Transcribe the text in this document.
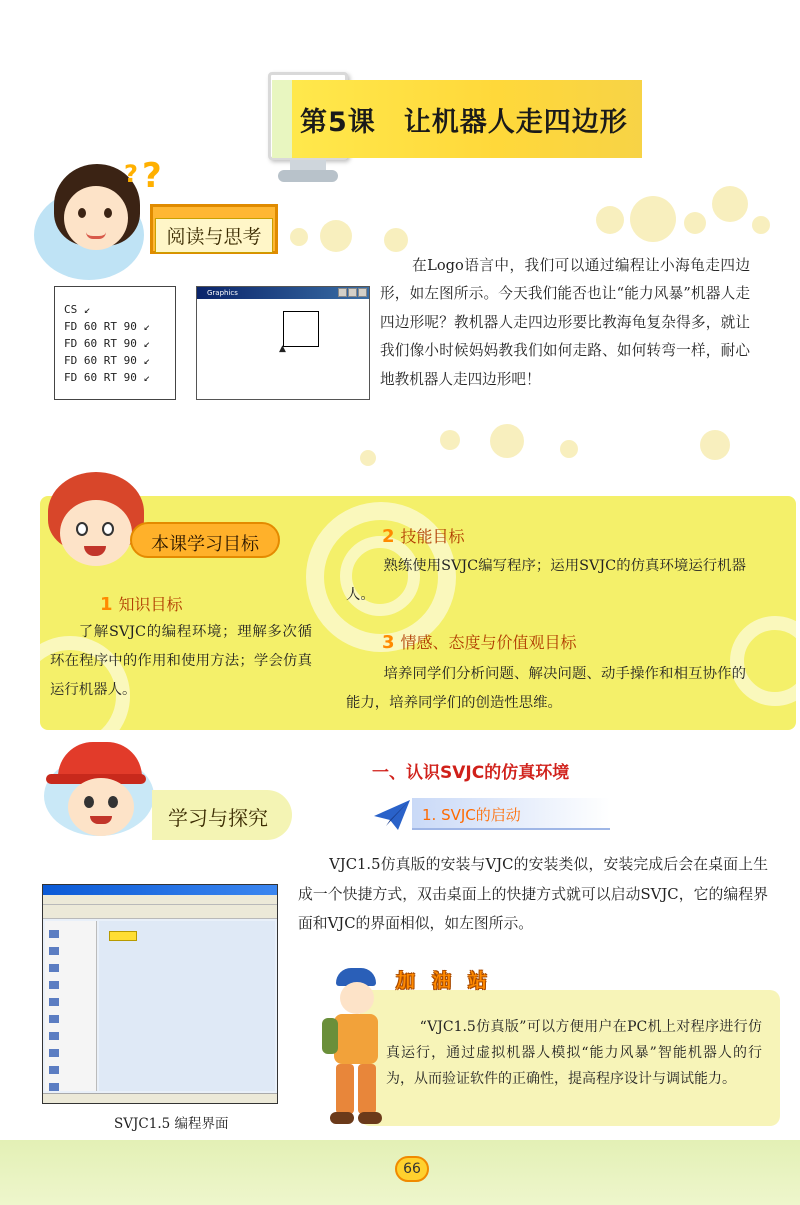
第5课　让机器人走四边形
?
?
阅读与思考
CS ↙
FD 60 RT 90 ↙
FD 60 RT 90 ↙
FD 60 RT 90 ↙
FD 60 RT 90 ↙
Graphics
▲
在Logo语言中，我们可以通过编程让小海龟走四边形，如左图所示。今天我们能否也让“能力风暴”机器人走四边形呢？教机器人走四边形要比教海龟复杂得多，就让我们像小时候妈妈教我们如何走路、如何转弯一样，耐心地教机器人走四边形吧！
本课学习目标
1 知识目标
了解SVJC的编程环境；理解多次循环在程序中的作用和使用方法；学会仿真运行机器人。
2 技能目标
熟练使用SVJC编写程序；运用SVJC的仿真环境运行机器人。
3 情感、态度与价值观目标
培养同学们分析问题、解决问题、动手操作和相互协作的能力，培养同学们的创造性思维。
学习与探究
一、认识SVJC的仿真环境
1. SVJC的启动
VJC1.5仿真版的安装与VJC的安装类似，安装完成后会在桌面上生成一个快捷方式，双击桌面上的快捷方式就可以启动SVJC，它的编程界面和VJC的界面相似，如左图所示。
SVJC1.5 编程界面
加 油 站
“VJC1.5仿真版”可以方便用户在PC机上对程序进行仿真运行，通过虚拟机器人模拟“能力风暴”智能机器人的行为，从而验证软件的正确性，提高程序设计与调试能力。
66
